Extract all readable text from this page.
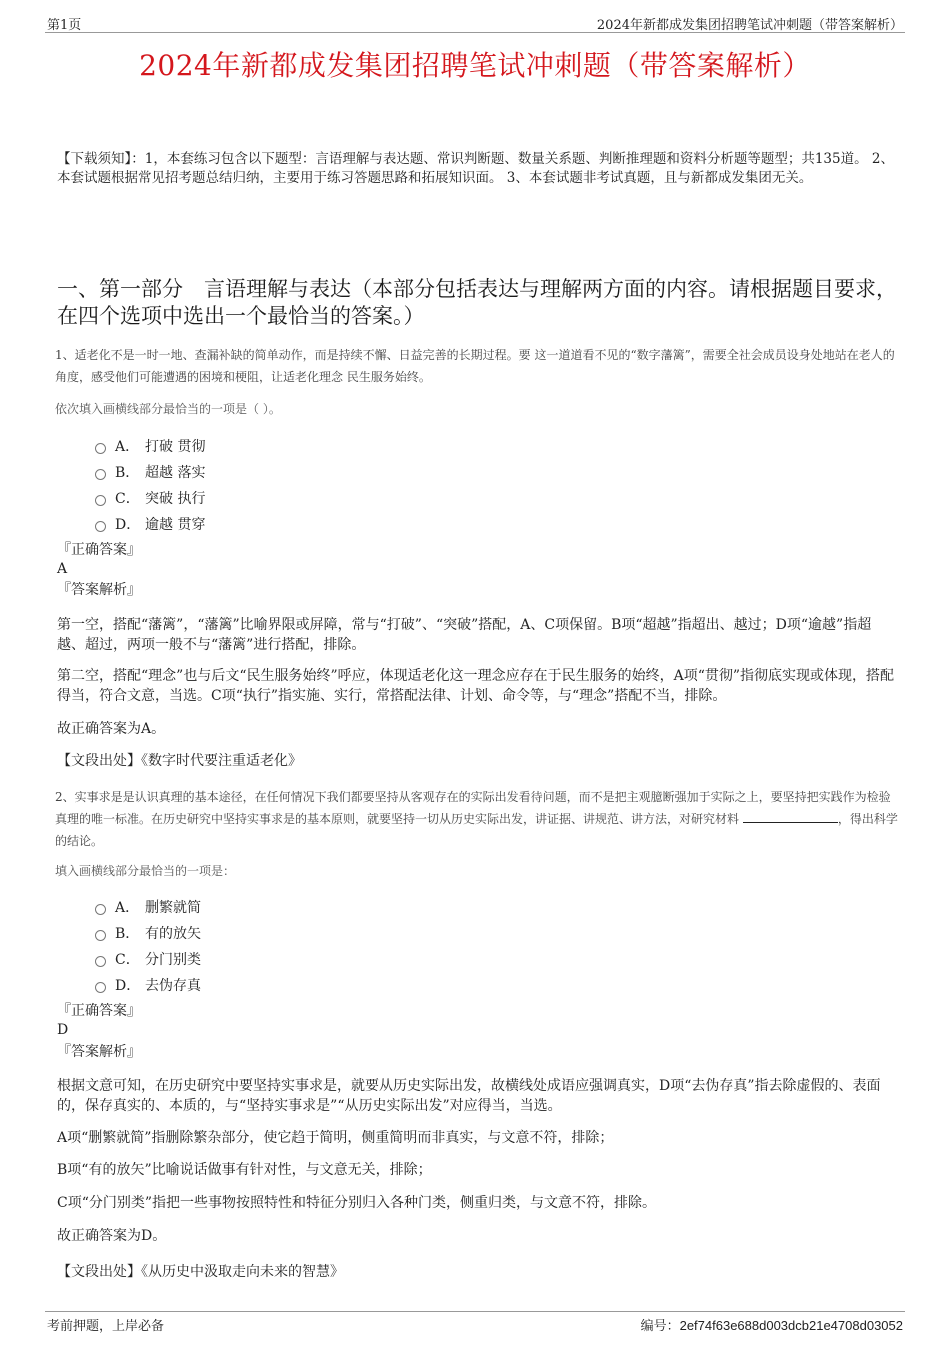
第1页	2024年新都成发集团招聘笔试冲刺题（带答案解析）
2024年新都成发集团招聘笔试冲刺题（带答案解析）
【下载须知】：1，本套练习包含以下题型：言语理解与表达题、常识判断题、数量关系题、判断推理题和资料分析题等题型；共135道。 2、本套试题根据常见招考题总结归纳，主要用于练习答题思路和拓展知识面。 3、本套试题非考试真题，且与新都成发集团无关。
一、第一部分　言语理解与表达（本部分包括表达与理解两方面的内容。请根据题目要求，在四个选项中选出一个最恰当的答案。）
1、适老化不是一时一地、查漏补缺的简单动作，而是持续不懈、日益完善的长期过程。要 这一道道看不见的“数字藩篱”，需要全社会成员设身处地站在老人的角度，感受他们可能遭遇的困境和梗阻，让适老化理念 民生服务始终。
依次填入画横线部分最恰当的一项是（ ）。
A． 打破 贯彻
B． 超越 落实
C． 突破 执行
D． 逾越 贯穿
『正确答案』
A
『答案解析』
第一空，搭配“藩篱”，“藩篱”比喻界限或屏障，常与“打破”、“突破”搭配，A、C项保留。B项“超越”指超出、越过；D项“逾越”指超越、超过，两项一般不与“藩篱”进行搭配，排除。
第二空，搭配“理念”也与后文“民生服务始终”呼应，体现适老化这一理念应存在于民生服务的始终，A项“贯彻”指彻底实现或体现，搭配得当，符合文意，当选。C项“执行”指实施、实行，常搭配法律、计划、命令等，与“理念”搭配不当，排除。
故正确答案为A。
【文段出处】《数字时代要注重适老化》
2、实事求是是认识真理的基本途径，在任何情况下我们都要坚持从客观存在的实际出发看待问题，而不是把主观臆断强加于实际之上，要坚持把实践作为检验真理的唯一标准。在历史研究中坚持实事求是的基本原则，就要坚持一切从历史实际出发，讲证据、讲规范、讲方法，对研究材料	，得出科学的结论。
填入画横线部分最恰当的一项是：
A． 删繁就简
B． 有的放矢
C． 分门别类
D． 去伪存真
『正确答案』
D
『答案解析』
根据文意可知，在历史研究中要坚持实事求是，就要从历史实际出发，故横线处成语应强调真实，D项“去伪存真”指去除虚假的、表面的，保存真实的、本质的，与“坚持实事求是”“从历史实际出发”对应得当，当选。
A项“删繁就简”指删除繁杂部分，使它趋于简明，侧重简明而非真实，与文意不符，排除；
B项“有的放矢”比喻说话做事有针对性，与文意无关，排除；
C项“分门别类”指把一些事物按照特性和特征分别归入各种门类，侧重归类，与文意不符，排除。
故正确答案为D。
【文段出处】《从历史中汲取走向未来的智慧》
考前押题，上岸必备	编号：2ef74f63e688d003dcb21e4708d03052
